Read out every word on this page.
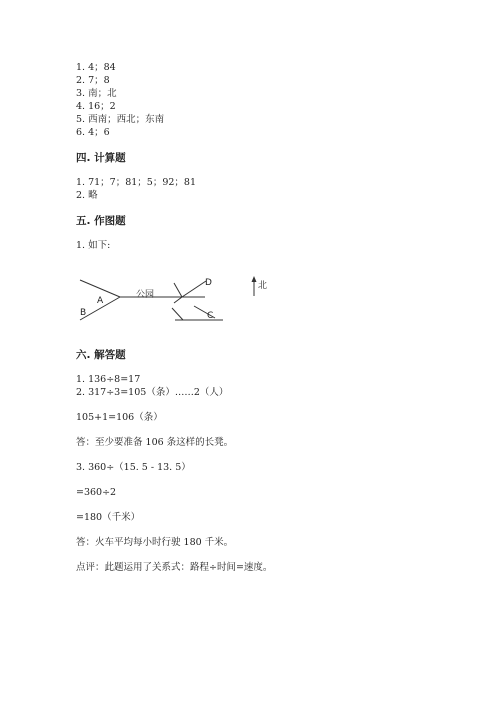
1. 4；84
2. 7；8
3. 南；北
4. 16；2
5. 西南；西北；东南
6. 4；6
四. 计算题
1. 71；7；81；5；92；81
2. 略
五. 作图题
1. 如下:
A
B
公园
D
C
北
六. 解答题
1. 136÷8=17
2. 317÷3=105（条）……2（人）
105+1=106（条）
答：至少要准备 106 条这样的长凳。
3. 360÷（15. 5 - 13. 5）
=360÷2
=180（千米）
答：火车平均每小时行驶 180 千米。
点评：此题运用了关系式：路程÷时间=速度。
